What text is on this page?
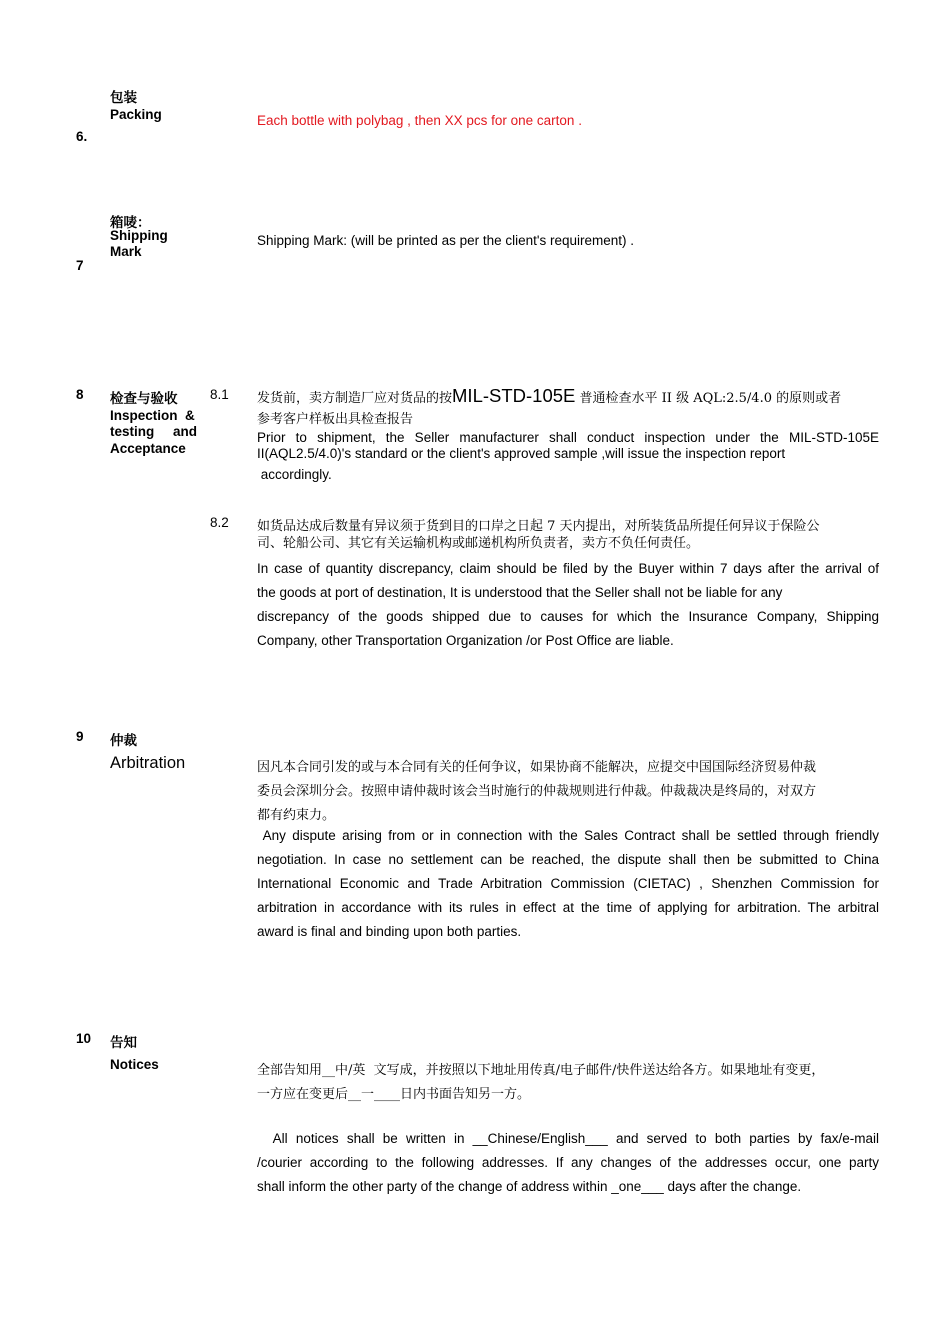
包装
Packing
6.
Each bottle with polybag , then XX pcs for one carton .
箱唛：
Shipping
Mark
7
Shipping Mark: (will be printed as per the client's requirement) .
8 检查与验收
Inspection  &
testing     and
Acceptance
8.1 发货前，卖方制造厂应对货品的按MIL-STD-105E 普通检查水平 II 级 AQL:2.5/4.0 的原则或者
参考客户样板出具检查报告
Prior to shipment, the Seller manufacturer shall conduct inspection under the MIL-STD-105E
II(AQL2.5/4.0)'s standard or the client's approved sample ,will issue the inspection report
accordingly.
8.2 如货品达成后数量有异议须于货到目的口岸之日起 7 天内提出，对所装货品所提任何异议于保险公
司、轮船公司、其它有关运输机构或邮递机构所负责者，卖方不负任何责任。
In case of quantity discrepancy, claim should be filed by the Buyer within 7 days after the arrival of
the goods at port of destination, It is understood that the Seller shall not be liable for any
discrepancy of the goods shipped due to causes for which the Insurance Company, Shipping
Company, other Transportation Organization /or Post Office are liable.
9 仲裁
Arbitration	因凡本合同引发的或与本合同有关的任何争议，如果协商不能解决，应提交中国国际经济贸易仲裁
委员会深圳分会。按照申请仲裁时该会当时施行的仲裁规则进行仲裁。仲裁裁决是终局的，对双方
都有约束力。
Any dispute arising from or in connection with the Sales Contract shall be settled through friendly
negotiation. In case no settlement can be reached, the dispute shall then be submitted to China
International Economic and Trade Arbitration Commission (CIETAC) , Shenzhen Commission for
arbitration in accordance with its rules in effect at the time of applying for arbitration. The arbitral
award is final and binding upon both parties.
10 告知
Notices	全部告知用__中/英  文写成，并按照以下地址用传真/电子邮件/快件送达给各方。如果地址有变更，
一方应在变更后__一____日内书面告知另一方。
All notices shall be written in __Chinese/English___ and served to both parties by fax/e-mail
/courier according to the following addresses. If any changes of the addresses occur, one party
shall inform the other party of the change of address within _one___ days after the change.
